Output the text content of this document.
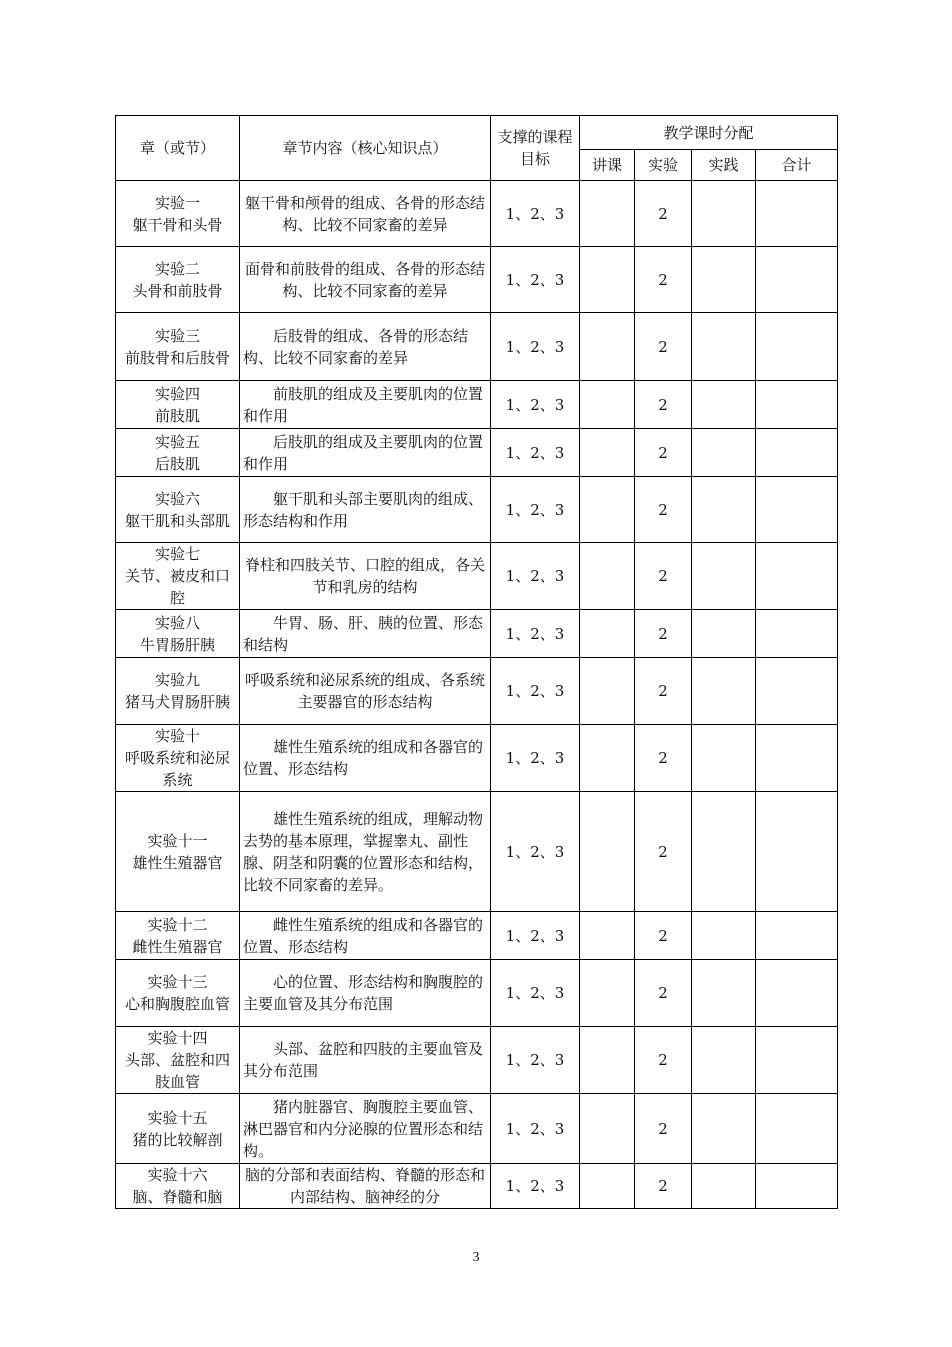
章（或节）	章节内容（核心知识点）	支撑的课程目标	教学课时分配			
			讲课	实验	实践	合计

实验一
躯干骨和头骨	躯干骨和颅骨的组成、各骨的形态结构、比较不同家畜的差异	1、2、3		2		

实验二
头骨和前肢骨	面骨和前肢骨的组成、各骨的形态结构、比较不同家畜的差异	1、2、3		2		

实验三
前肢骨和后肢骨	后肢骨的组成、各骨的形态结构、比较不同家畜的差异	1、2、3		2		

实验四
前肢肌	前肢肌的组成及主要肌肉的位置和作用	1、2、3		2		

实验五
后肢肌	后肢肌的组成及主要肌肉的位置和作用	1、2、3		2		

实验六
躯干肌和头部肌	躯干肌和头部主要肌肉的组成、形态结构和作用	1、2、3		2		

实验七
关节、被皮和口腔	脊柱和四肢关节、口腔的组成，各关节和乳房的结构	1、2、3		2		

实验八
牛胃肠肝胰	牛胃、肠、肝、胰的位置、形态和结构	1、2、3		2		

实验九
猪马犬胃肠肝胰	呼吸系统和泌尿系统的组成、各系统主要器官的形态结构	1、2、3		2		

实验十
呼吸系统和泌尿系统	雄性生殖系统的组成和各器官的位置、形态结构	1、2、3		2		

实验十一
雄性生殖器官	雄性生殖系统的组成，理解动物去势的基本原理，掌握睾丸、副性腺、阴茎和阴囊的位置形态和结构，比较不同家畜的差异。	1、2、3		2		

实验十二
雌性生殖器官	雌性生殖系统的组成和各器官的位置、形态结构	1、2、3		2		

实验十三
心和胸腹腔血管	心的位置、形态结构和胸腹腔的主要血管及其分布范围	1、2、3		2		

实验十四
头部、盆腔和四肢血管	头部、盆腔和四肢的主要血管及其分布范围	1、2、3		2		

实验十五
猪的比较解剖	猪内脏器官、胸腹腔主要血管、淋巴器官和内分泌腺的位置形态和结构。	1、2、3		2		

实验十六
脑、脊髓和脑	脑的分部和表面结构、脊髓的形态和内部结构、脑神经的分	1、2、3		2		
3
